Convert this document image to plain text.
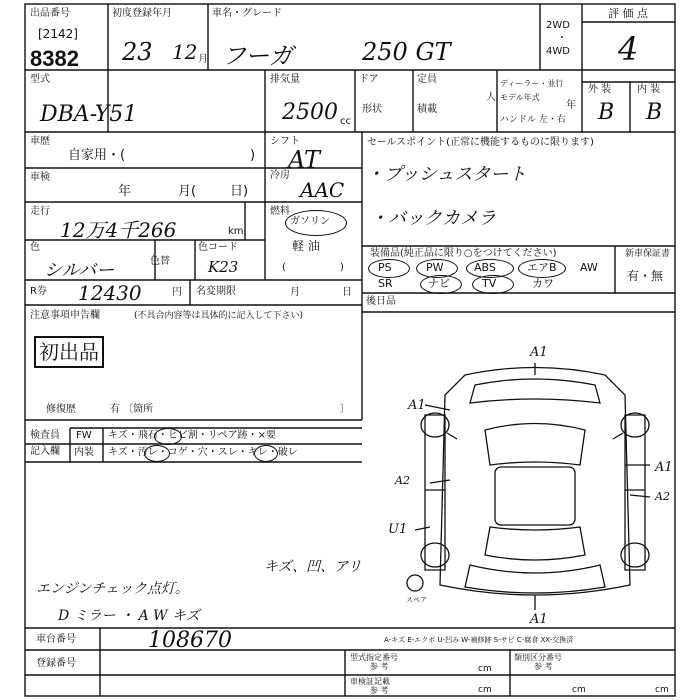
出品番号
[2142]
8382
初度登録年月
23 12 月
車名・グレード
フーガ	250 GT
2WD
・
4WD
評 価 点
4
型式
DBA-Y51
排気量
2500 cc
ドア	定員
人
形状	積載
ディーラー・並行
モデル年式
年
ハンドル 左・右
外 装	内 装
B B
車歴
自家用・(	)
車検
年	月(	日)
走行
12万4千266	km
色
シルバー	色替
色コード
K23
シフト
AT
冷房
AAC
燃料
ガソリン
軽 油
(	)
R券 12430	円 名変期限	月	日
注意事項申告欄	(不具合内容等は具体的に記入して下さい)
初出品
修復歴	有 〔箇所	〕
検査員
記入欄
FW キズ・飛石・ヒビ割・リペア跡・×要
内装 キズ・汚レ・コゲ・穴・スレ・キレ・破レ
セールスポイント(正常に機能するものに限ります)
・プッシュスタート
・バックカメラ
装備品(純正品に限り○をつけてください)
PS	PW	ABS	エアB AW
SR	ナビ	TV	カワ
新車保証書
有・無
後日品
A1
A1
A2
U1
A1
A2
A1
スペア
A-キズ E-エクボ U-凹み W-補修跡 S-サビ C-腐食 XX-交換済
キズ、凹、アリ
エンジンチェック点灯。
D ミラー ・ A W キズ
車台番号	108670
登録番号
型式指定番号
参 考
類別区分番号
参 考
車検証記載
参 考	cm	cm
cm
cm
